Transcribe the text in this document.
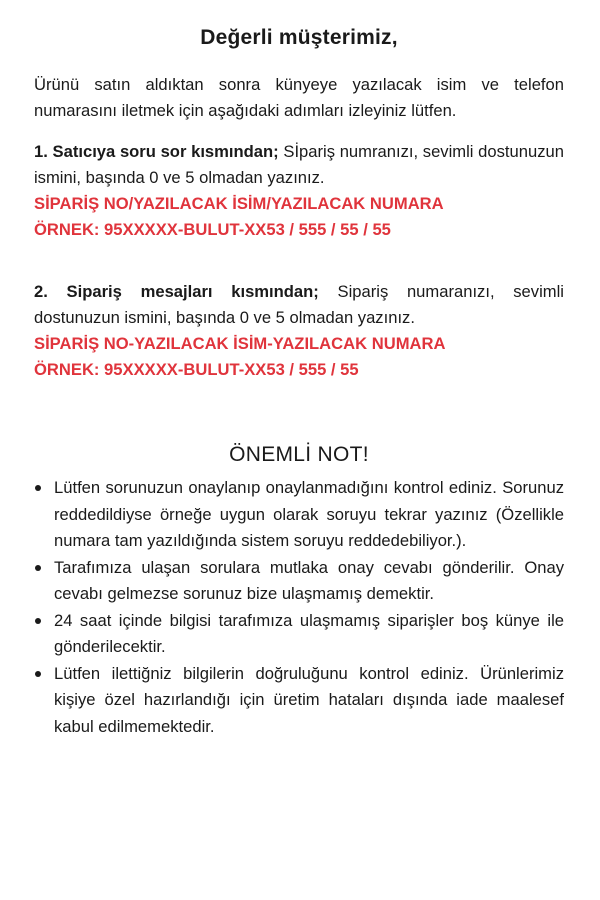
Değerli müşterimiz,

Ürünü satın aldıktan sonra künyeye yazılacak isim ve telefon numarasını iletmek için aşağıdaki adımları izleyiniz lütfen.

1. Satıcıya soru sor kısmından; Sİpariş numranızı, sevimli dostunuzun ismini, başında 0 ve 5 olmadan yazınız.

SİPARİŞ NO/YAZILACAK İSİM/YAZILACAK NUMARA

ÖRNEK: 95XXXXX-BULUT-XX53 / 555 / 55 / 55

2. Sipariş mesajları kısmından; Sipariş numaranızı, sevimli dostunuzun ismini, başında 0 ve 5 olmadan yazınız.

SİPARİŞ NO-YAZILACAK İSİM-YAZILACAK NUMARA

ÖRNEK: 95XXXXX-BULUT-XX53 / 555 / 55

ÖNEMLİ NOT!
Lütfen sorunuzun onaylanıp onaylanmadığını kontrol ediniz. Sorunuz reddedildiyse örneğe uygun olarak soruyu tekrar yazınız (Özellikle numara tam yazıldığında sistem soruyu reddedebiliyor.).
Tarafımıza ulaşan sorulara mutlaka onay cevabı gönderilir. Onay cevabı gelmezse sorunuz bize ulaşmamış demektir.
24 saat içinde bilgisi tarafımıza ulaşmamış siparişler boş künye ile gönderilecektir.
Lütfen ilettiğniz bilgilerin doğruluğunu kontrol ediniz. Ürünlerimiz kişiye özel hazırlandığı için üretim hataları dışında iade maalesef kabul edilmemektedir.
